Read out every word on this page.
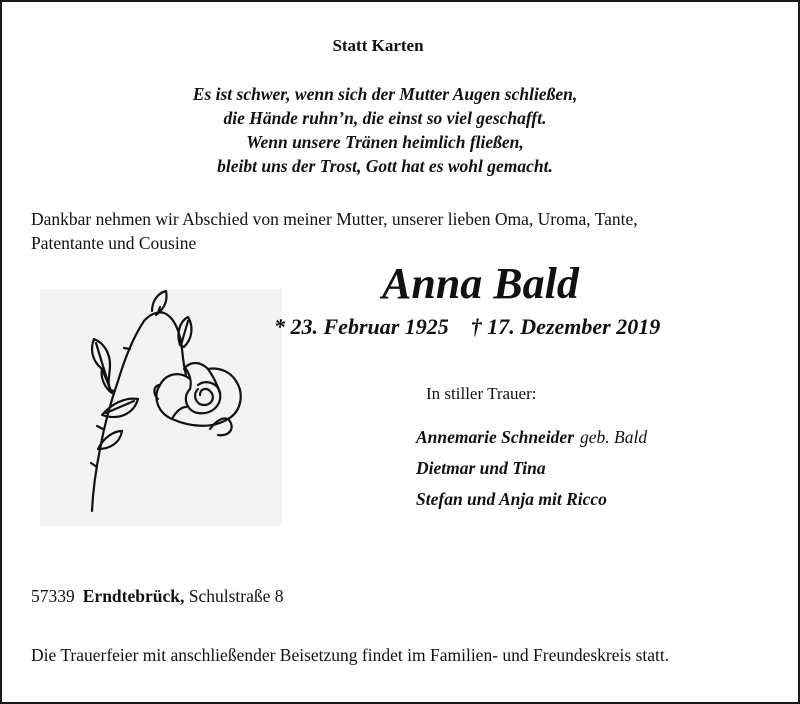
Statt Karten
Es ist schwer, wenn sich der Mutter Augen schließen,
die Hände ruhn’n, die einst so viel geschafft.
Wenn unsere Tränen heimlich fließen,
bleibt uns der Trost, Gott hat es wohl gemacht.
Dankbar nehmen wir Abschied von meiner Mutter, unserer lieben Oma, Uroma, Tante,
Patentante und Cousine
Anna Bald
* 23. Februar 1925 † 17. Dezember 2019
In stiller Trauer:
Annemarie Schneider geb. Bald
Dietmar und Tina
Stefan und Anja mit Ricco
57339 Erndtebrück, Schulstraße 8
Die Trauerfeier mit anschließender Beisetzung findet im Familien- und Freundeskreis statt.
